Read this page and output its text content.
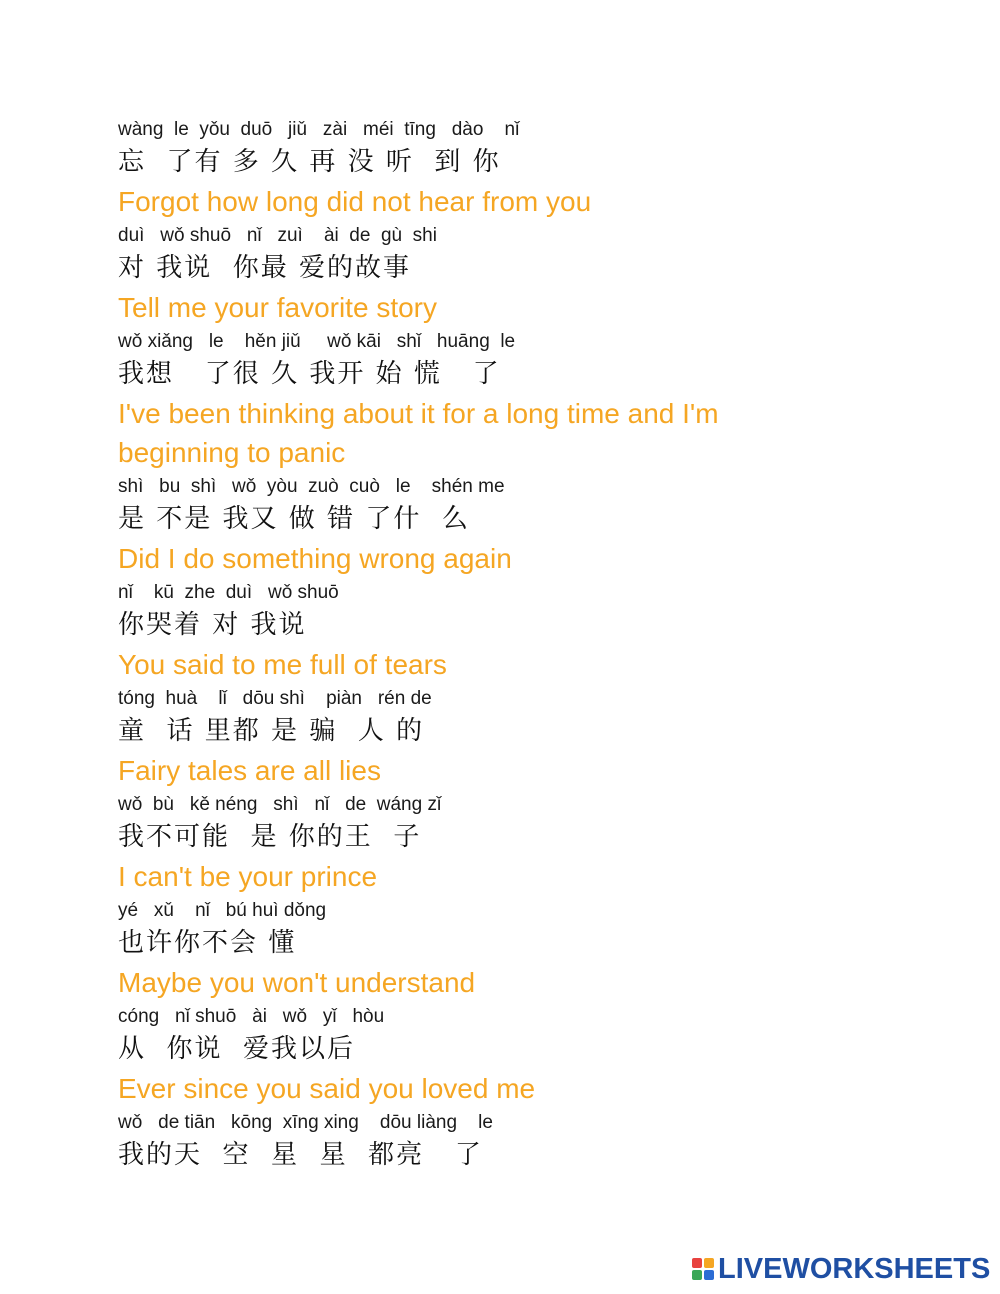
wàng  le  yǒu  duō   jiǔ   zài   méi  tīng   dào    nǐ
忘  了有 多 久 再 没 听  到 你
Forgot how long did not hear from you
duì   wǒ shuō   nǐ   zuì    ài  de  gù  shi
对 我说  你最 爱的故事
Tell me your favorite story
wǒ xiǎng   le    hěn jiǔ     wǒ kāi   shǐ   huāng  le
我想   了很 久 我开 始 慌   了
I've been thinking about it for a long time and I'm beginning to panic
shì   bu  shì   wǒ  yòu  zuò  cuò   le    shén me
是 不是 我又 做 错 了什  么
Did I do something wrong again
nǐ    kū  zhe  duì   wǒ shuō
你哭着 对 我说
You said to me full of tears
tóng  huà    lǐ   dōu shì    piàn   rén de
童  话 里都 是 骗  人 的
Fairy tales are all lies
wǒ  bù   kě néng   shì   nǐ   de  wáng zǐ
我不可能  是 你的王  子
I can't be your prince
yé   xǔ    nǐ   bú huì dǒng
也许你不会 懂
Maybe you won't understand
cóng   nǐ shuō   ài   wǒ   yǐ   hòu
从  你说  爱我以后
Ever since you said you loved me
wǒ   de tiān   kōng  xīng xing    dōu liàng    le
我的天  空  星  星  都亮   了
LIVEWORKSHEETS
